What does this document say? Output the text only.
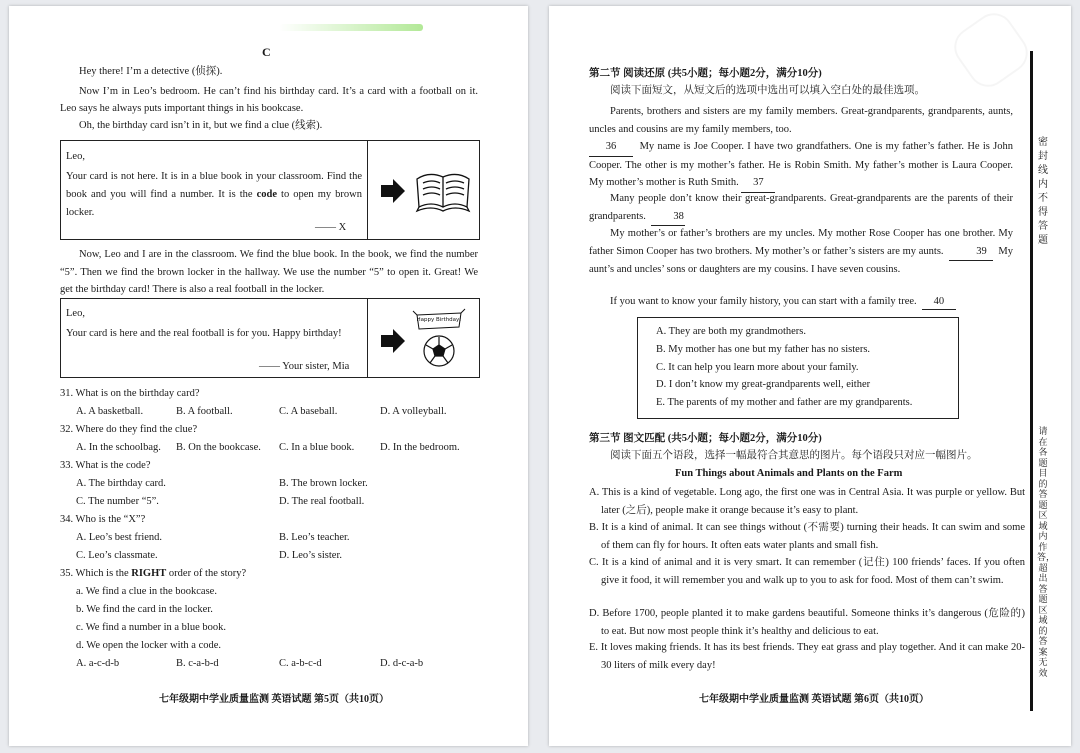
C
Hey there! I’m a detective (侦探).
Now I’m in Leo’s bedroom. He can’t find his birthday card. It’s a card with a football on it. Leo says he always puts important things in his bookcase.
Oh, the birthday card isn’t in it, but we find a clue (线索).
Leo,
Your card is not here. It is in a blue book in your classroom. Find the book and you will find a number. It is the code to open my brown locker.
—— X
Now, Leo and I are in the classroom. We find the blue book. In the book, we find the number “5”. Then we find the brown locker in the hallway. We use the number “5” to open it. Great! We get the birthday card! There is also a real football in the locker.
Leo,
Your card is here and the real football is for you. Happy birthday!
—— Your sister, Mia
Happy Birthday!
31. What is on the birthday card?
A. A basketball.	B. A football.	C. A baseball.	D. A volleyball.
32. Where do they find the clue?
A. In the schoolbag. B. On the bookcase. C. In a blue book. D. In the bedroom.
33. What is the code?
A. The birthday card.	B. The brown locker.
C. The number “5”.	D. The real football.
34. Who is the “X”?
A. Leo’s best friend.	B. Leo’s teacher.
C. Leo’s classmate.	D. Leo’s sister.
35. Which is the RIGHT order of the story?
a. We find a clue in the bookcase.
b. We find the card in the locker.
c. We find a number in a blue book.
d. We open the locker with a code.
A. a-c-d-b	B. c-a-b-d	C. a-b-c-d	D. d-c-a-b
七年级期中学业质量监测 英语试题 第5页（共10页）
第二节 阅读还原 (共5小题；每小题2分，满分10分)
阅读下面短文，从短文后的选项中选出可以填入空白处的最佳选项。
Parents, brothers and sisters are my family members. Great-grandparents, grandparents, aunts, uncles and cousins are my family members, too.
36 My name is Joe Cooper. I have two grandfathers. One is my father’s father. He is John Cooper. The other is my mother’s father. He is Robin Smith. My father’s mother is Laura Cooper. My mother’s mother is Ruth Smith. 37
Many people don’t know their great-grandparents. Great-grandparents are the parents of their grandparents.	38
My mother’s or father’s brothers are my uncles. My mother Rose Cooper has one brother. My father Simon Cooper has two brothers. My mother’s or father’s sisters are my aunts.	39 My aunt’s and uncles’ sons or daughters are my cousins. I have seven cousins.
If you want to know your family history, you can start with a family tree. 40
A. They are both my grandmothers.
B. My mother has one but my father has no sisters.
C. It can help you learn more about your family.
D. I don’t know my great-grandparents well, either
E. The parents of my mother and father are my grandparents.
第三节 图文匹配 (共5小题；每小题2分，满分10分)
阅读下面五个语段，选择一幅最符合其意思的图片。每个语段只对应一幅图片。
Fun Things about Animals and Plants on the Farm
A. This is a kind of vegetable. Long ago, the first one was in Central Asia. It was purple or yellow. But later (之后), people make it orange because it’s easy to plant.
B. It is a kind of animal. It can see things without (不需要) turning their heads. It can swim and some of them can fly for hours. It often eats water plants and small fish.
C. It is a kind of animal and it is very smart. It can remember (记住) 100 friends’ faces. If you often give it food, it will remember you and walk up to you to ask for food. Most of them can’t swim.
D. Before 1700, people planted it to make gardens beautiful. Someone thinks it’s dangerous (危险的) to eat. But now most people think it’s healthy and delicious to eat.
E. It loves making friends. It has its best friends. They eat grass and play together. And it can make 20-30 liters of milk every day!
密封线内不得答题
请在各题目的答题区域内作答，超出答题区域的答案无效
七年级期中学业质量监测 英语试题 第6页（共10页）
